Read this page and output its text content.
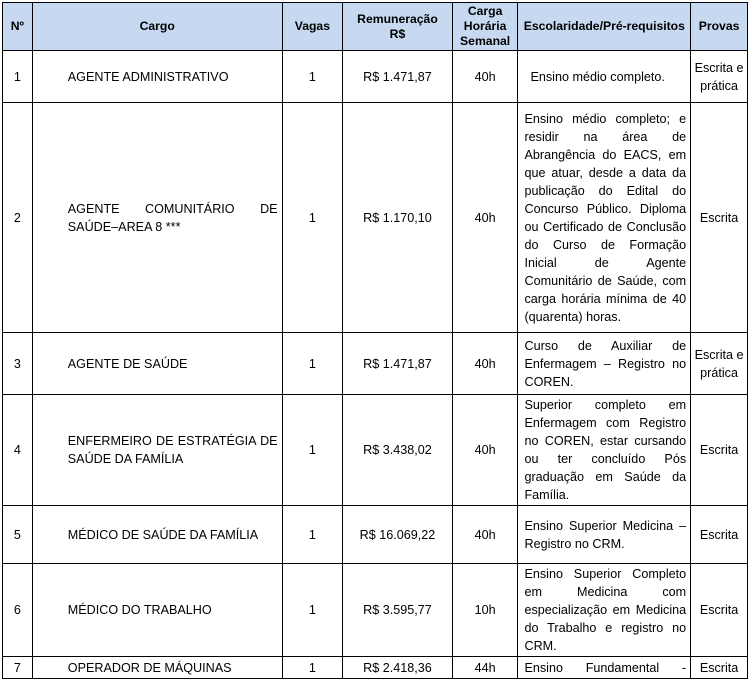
Nº	Cargo	Vagas	Remuneração R$	Carga Horária Semanal	Escolaridade/Pré-requisitos	Provas
1	AGENTE ADMINISTRATIVO	1	R$ 1.471,87	40h	Ensino médio completo.	Escrita e prática
2	AGENTE COMUNITÁRIO DE SAÚDE–AREA 8 ***	1	R$ 1.170,10	40h	Ensino médio completo; e residir na área de Abrangência do EACS, em que atuar, desde a data da publicação do Edital do Concurso Público. Diploma ou Certificado de Conclusão do Curso de Formação Inicial de Agente Comunitário de Saúde, com carga horária mínima de 40 (quarenta) horas.	Escrita
3	AGENTE DE SAÚDE	1	R$ 1.471,87	40h	Curso de Auxiliar de Enfermagem – Registro no COREN.	Escrita e prática
4	ENFERMEIRO DE ESTRATÉGIA DE SAÚDE DA FAMÍLIA	1	R$ 3.438,02	40h	Superior completo em Enfermagem com Registro no COREN, estar cursando ou ter concluído Pós graduação em Saúde da Família.	Escrita
5	MÉDICO DE SAÚDE DA FAMÍLIA	1	R$ 16.069,22	40h	Ensino Superior Medicina –Registro no CRM.	Escrita
6	MÉDICO DO TRABALHO	1	R$ 3.595,77	10h	Ensino Superior Completo em Medicina com especialização em Medicina do Trabalho e registro no CRM.	Escrita
7	OPERADOR DE MÁQUINAS	1	R$ 2.418,36	44h	Ensino Fundamental -	Escrita
